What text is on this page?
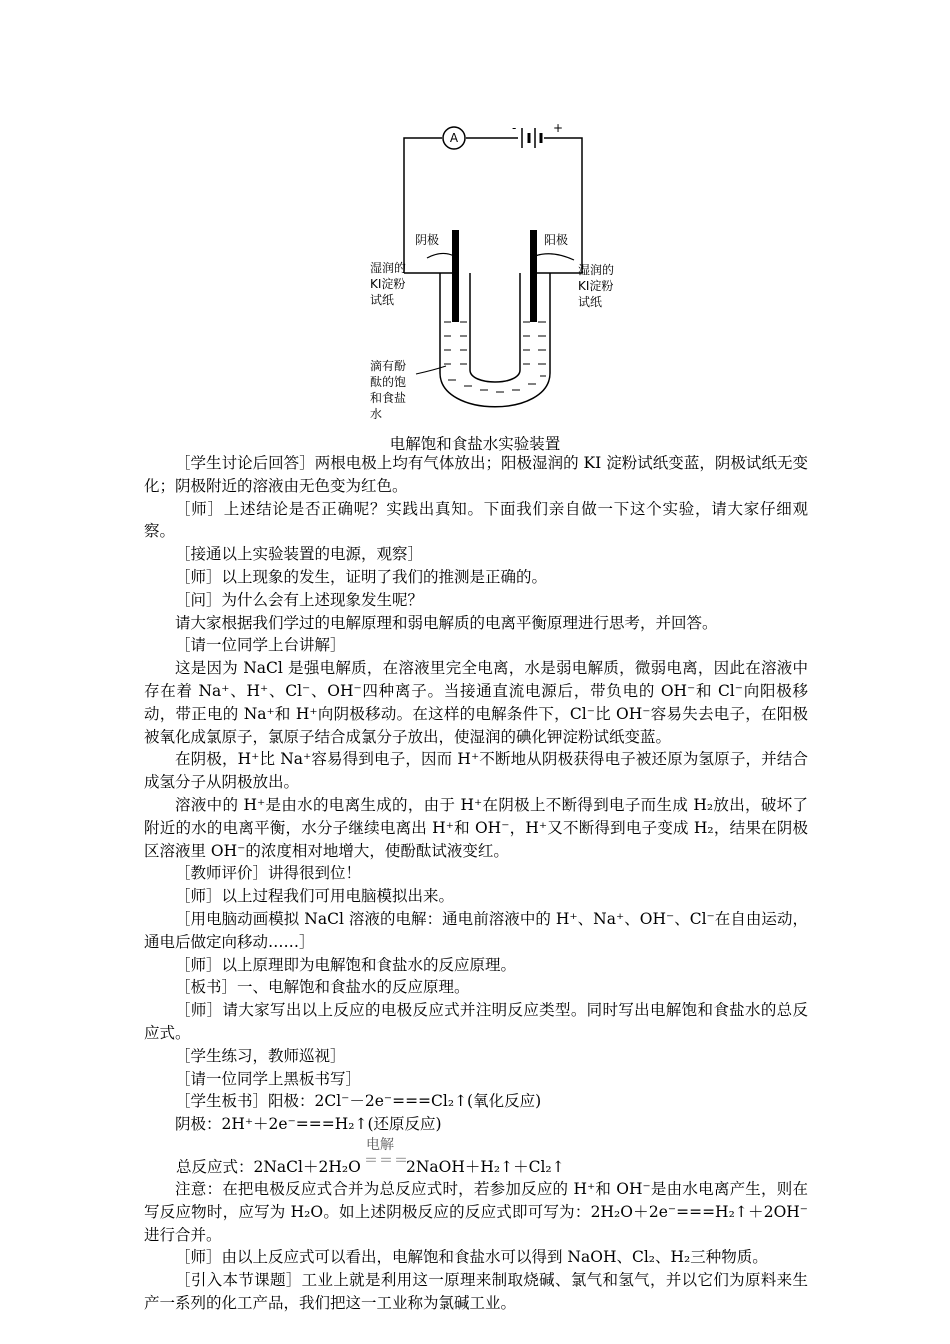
A
-	+
阴极	阳极
湿润的
KI淀粉
试纸
湿润的
KI淀粉
试纸
滴有酚
酞的饱
和食盐
水
电解饱和食盐水实验装置

［学生讨论后回答］两根电极上均有气体放出；阳极湿润的 KI 淀粉试纸变蓝，阴极试纸无变化；阴极附近的溶液由无色变为红色。

［师］上述结论是否正确呢？实践出真知。下面我们亲自做一下这个实验，请大家仔细观察。

［接通以上实验装置的电源，观察］

［师］以上现象的发生，证明了我们的推测是正确的。

［问］为什么会有上述现象发生呢？

请大家根据我们学过的电解原理和弱电解质的电离平衡原理进行思考，并回答。

［请一位同学上台讲解］

这是因为 NaCl 是强电解质，在溶液里完全电离，水是弱电解质，微弱电离，因此在溶液中存在着 Na⁺、H⁺、Cl⁻、OH⁻四种离子。当接通直流电源后，带负电的 OH⁻和 Cl⁻向阳极移动，带正电的 Na⁺和 H⁺向阴极移动。在这样的电解条件下，Cl⁻比 OH⁻容易失去电子，在阳极被氧化成氯原子，氯原子结合成氯分子放出，使湿润的碘化钾淀粉试纸变蓝。

在阴极，H⁺比 Na⁺容易得到电子，因而 H⁺不断地从阴极获得电子被还原为氢原子，并结合成氢分子从阴极放出。

溶液中的 H⁺是由水的电离生成的，由于 H⁺在阴极上不断得到电子而生成 H₂放出，破坏了附近的水的电离平衡，水分子继续电离出 H⁺和 OH⁻，H⁺又不断得到电子变成 H₂，结果在阴极区溶液里 OH⁻的浓度相对地增大，使酚酞试液变红。

［教师评价］讲得很到位！

［师］以上过程我们可用电脑模拟出来。

［用电脑动画模拟 NaCl 溶液的电解：通电前溶液中的 H⁺、Na⁺、OH⁻、Cl⁻在自由运动，通电后做定向移动……］

［师］以上原理即为电解饱和食盐水的反应原理。

［板书］一、电解饱和食盐水的反应原理。

［师］请大家写出以上反应的电极反应式并注明反应类型。同时写出电解饱和食盐水的总反应式。

［学生练习，教师巡视］

［请一位同学上黑板书写］

［学生板书］阳极：2Cl⁻－2e⁻===Cl₂↑(氧化反应)

阴极：2H⁺＋2e⁻===H₂↑(还原反应)

电解
＝＝＝
总反应式：2NaCl＋2H₂O	2NaOH＋H₂↑＋Cl₂↑

注意：在把电极反应式合并为总反应式时，若参加反应的 H⁺和 OH⁻是由水电离产生，则在写反应物时，应写为 H₂O。如上述阴极反应的反应式即可写为：2H₂O＋2e⁻===H₂↑＋2OH⁻进行合并。

［师］由以上反应式可以看出，电解饱和食盐水可以得到 NaOH、Cl₂、H₂三种物质。

［引入本节课题］工业上就是利用这一原理来制取烧碱、氯气和氢气，并以它们为原料来生产一系列的化工产品，我们把这一工业称为氯碱工业。
